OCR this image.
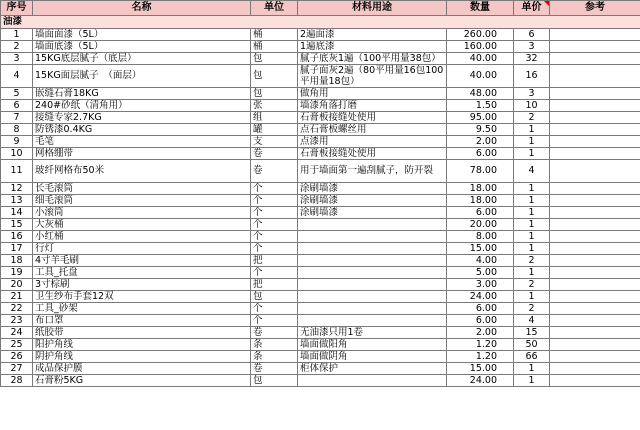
序号	名称	单位	材料用途	数量	单价	参考
油漆						
1	墙面面漆（5L）	桶	2遍面漆	260.00	6	
2	墙面底漆（5L）	桶	1遍底漆	160.00	3	
3	15KG底层腻子（底层）	包	腻子底灰1遍（100平用量38包）	40.00	32	
4	15KG面层腻子　（面层）	包	腻子面灰2遍（80平用量16包100平用量18包）	40.00	16	
5	嵌缝石膏18KG	包	做角用	48.00	3	
6	240#砂纸（清角用）	张	墙漆角落打磨	1.50	10	
7	接缝专家2.7KG	组	石膏板接缝处使用	95.00	2	
8	防锈漆0.4KG	罐	点石膏板螺丝用	9.50	1	
9	毛笔	支	点漆用	2.00	1	
10	网格绷带	卷	石膏板接缝处使用	6.00	1	
11	玻纤网格布50米	卷	用于墙面第一遍刮腻子，防开裂	78.00	4	
12	长毛滚筒	个	涂刷墙漆	18.00	1	
13	细毛滚筒	个	涂刷墙漆	18.00	1	
14	小滚筒	个	涂刷墙漆	6.00	1	
15	大灰桶	个		20.00	1	
16	小红桶	个		8.00	1	
17	行灯	个		15.00	1	
18	4寸羊毛刷	把		4.00	2	
19	工具_托盘	个		5.00	1	
20	3寸棕刷	把		3.00	2	
21	卫生纱布手套12双	包		24.00	1	
22	工具_砂架	个		6.00	2	
23	布口罩	个		6.00	4	
24	纸胶带	卷	无油漆只用1卷	2.00	15	
25	阳护角线	条	墙面做阳角	1.20	50	
26	阴护角线	条	墙面做阴角	1.20	66	
27	成品保护膜	卷	柜体保护	15.00	1	
28	石膏粉5KG	包		24.00	1	
